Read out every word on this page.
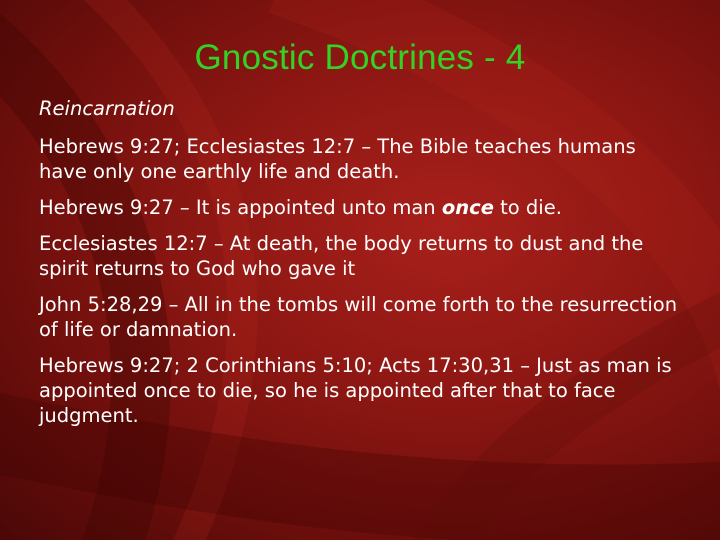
Gnostic Doctrines - 4
Reincarnation
Hebrews 9:27; Ecclesiastes 12:7 – The Bible teaches humans have only one earthly life and death.
Hebrews 9:27 – It is appointed unto man once to die.
Ecclesiastes 12:7 – At death, the body returns to dust and the spirit returns to God who gave it
John 5:28,29 – All in the tombs will come forth to the resurrection of life or damnation.
Hebrews 9:27; 2 Corinthians 5:10; Acts 17:30,31 – Just as man is appointed once to die, so he is appointed after that to face judgment.
